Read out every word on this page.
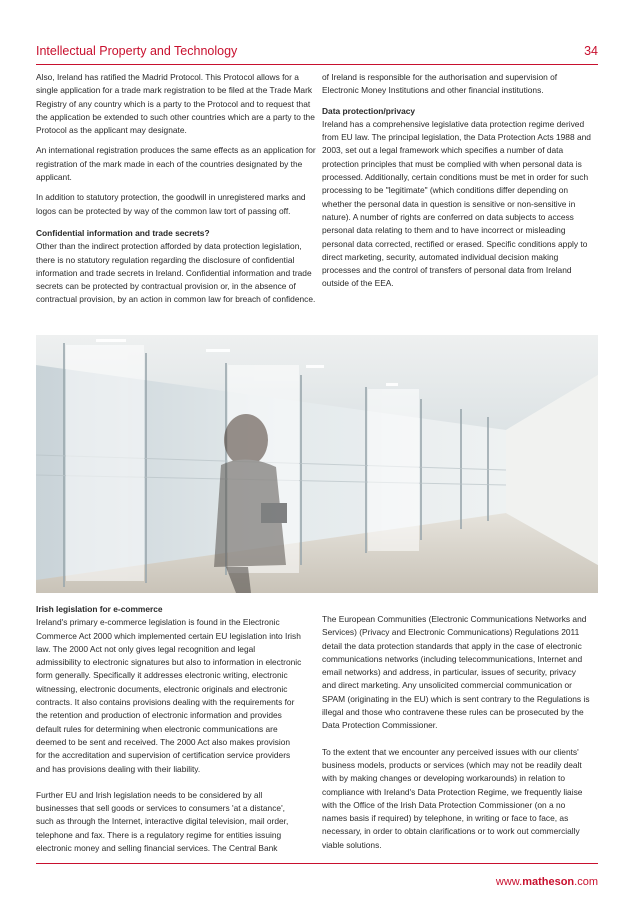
Intellectual Property and Technology	34

Also, Ireland has ratified the Madrid Protocol. This Protocol allows for a single application for a trade mark registration to be filed at the Trade Mark Registry of any country which is a party to the Protocol and to request that the application be extended to such other countries which are a party to the Protocol as the applicant may designate.

An international registration produces the same effects as an application for registration of the mark made in each of the countries designated by the applicant.

In addition to statutory protection, the goodwill in unregistered marks and logos can be protected by way of the common law tort of passing off.

Confidential information and trade secrets?

Other than the indirect protection afforded by data protection legislation, there is no statutory regulation regarding the disclosure of confidential information and trade secrets in Ireland. Confidential information and trade secrets can be protected by contractual provision or, in the absence of contractual provision, by an action in common law for breach of confidence.

of Ireland is responsible for the authorisation and supervision of Electronic Money Institutions and other financial institutions.

Data protection/privacy

Ireland has a comprehensive legislative data protection regime derived from EU law. The principal legislation, the Data Protection Acts 1988 and 2003, set out a legal framework which specifies a number of data protection principles that must be complied with when personal data is processed. Additionally, certain conditions must be met in order for such processing to be "legitimate" (which conditions differ depending on whether the personal data in question is sensitive or non-sensitive in nature). A number of rights are conferred on data subjects to access personal data relating to them and to have incorrect or misleading personal data corrected, rectified or erased. Specific conditions apply to direct marketing, security, automated individual decision making processes and the control of transfers of personal data from Ireland outside of the EEA.

Irish legislation for e-commerce

Ireland's primary e-commerce legislation is found in the Electronic Commerce Act 2000 which implemented certain EU legislation into Irish law. The 2000 Act not only gives legal recognition and legal admissibility to electronic signatures but also to information in electronic form generally. Specifically it addresses electronic writing, electronic witnessing, electronic documents, electronic originals and electronic contracts. It also contains provisions dealing with the requirements for the retention and production of electronic information and provides default rules for determining when electronic communications are deemed to be sent and received. The 2000 Act also makes provision for the accreditation and supervision of certification service providers and has provisions dealing with their liability.

Further EU and Irish legislation needs to be considered by all businesses that sell goods or services to consumers 'at a distance', such as through the Internet, interactive digital television, mail order, telephone and fax. There is a regulatory regime for entities issuing electronic money and selling financial services. The Central Bank

The European Communities (Electronic Communications Networks and Services) (Privacy and Electronic Communications) Regulations 2011 detail the data protection standards that apply in the case of electronic communications networks (including telecommunications, Internet and email networks) and address, in particular, issues of security, privacy and direct marketing. Any unsolicited commercial communication or SPAM (originating in the EU) which is sent contrary to the Regulations is illegal and those who contravene these rules can be prosecuted by the Data Protection Commissioner.

To the extent that we encounter any perceived issues with our clients' business models, products or services (which may not be readily dealt with by making changes or developing workarounds) in relation to compliance with Ireland's Data Protection Regime, we frequently liaise with the Office of the Irish Data Protection Commissioner (on a no names basis if required) by telephone, in writing or face to face, as necessary, in order to obtain clarifications or to work out commercially viable solutions.

www.matheson.com
